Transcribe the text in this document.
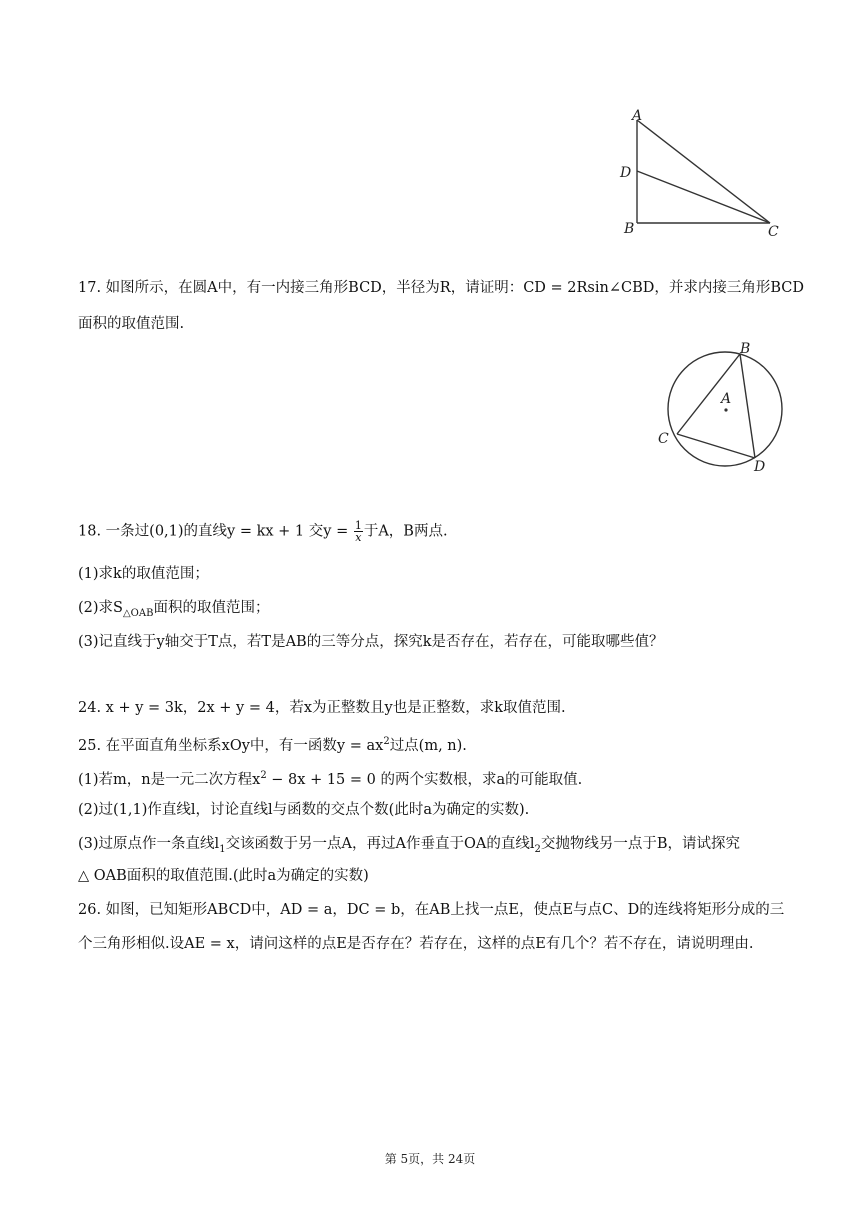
A
D
B	C
A
B
C
D
17. 如图所示，在圆A中，有一内接三角形BCD，半径为R，请证明：CD = 2Rsin∠CBD，并求内接三角形BCD
面积的取值范围.
18. 一条过(0,1)的直线y = kx + 1 交$y = \frac{1}{x}$ 于A，B两点.
(1)求k的取值范围；
(2)求$S_{\triangle OAB}$面积的取值范围；
(3)记直线于y轴交于T点，若T是AB的三等分点，探究k是否存在，若存在，可能取哪些值？
24. x + y = 3k，2x + y = 4，若x为正整数且y也是正整数，求k取值范围.
25. 在平面直角坐标系xOy中，有一函数$y = ax^2$过点(m, n).
(1)若m，n是一元二次方程$x^2 - 8x + 15 = 0$ 的两个实数根，求a的可能取值.
(2)过(1,1)作直线l，讨论直线l与函数的交点个数(此时a为确定的实数).
(3)过原点作一条直线$l_1$交该函数于另一点A，再过A作垂直于OA的直线$l_2$交抛物线另一点于B，请试探究
△ OAB面积的取值范围.(此时a为确定的实数)
26. 如图，已知矩形ABCD中，AD = a，DC = b，在AB上找一点E，使点E与点C、D的连线将矩形分成的三
个三角形相似.设AE = x，请问这样的点E是否存在？若存在，这样的点E有几个？若不存在，请说明理由.
第 5页，共 24页
